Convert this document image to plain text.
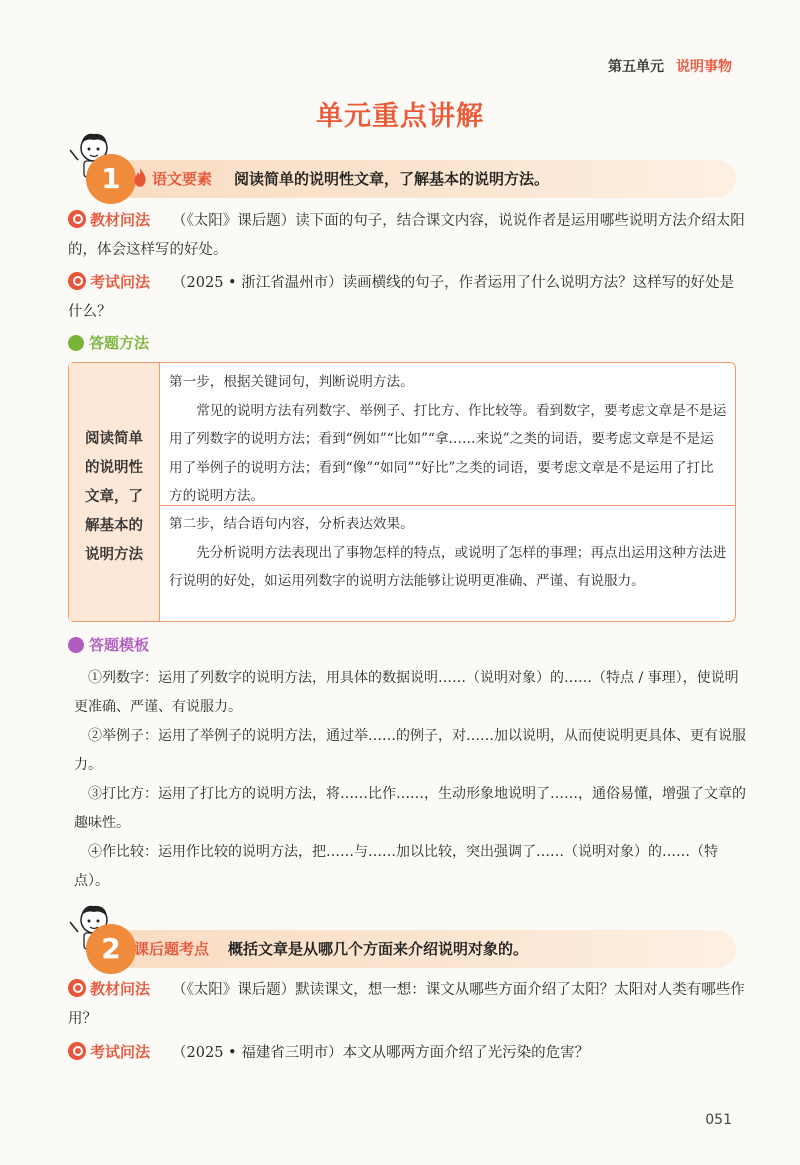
第五单元 说明事物
单元重点讲解
1	语文要素 阅读简单的说明性文章，了解基本的说明方法。
教材问法 （《太阳》课后题）读下面的句子，结合课文内容，说说作者是运用哪些说明方法介绍太阳的，体会这样写的好处。
考试问法 （2025 • 浙江省温州市）读画横线的句子，作者运用了什么说明方法？这样写的好处是什么？
答题方法
阅读简单
的说明性
文章，了
解基本的
说明方法
第一步，根据关键词句，判断说明方法。

常见的说明方法有列数字、举例子、打比方、作比较等。看到数字，要考虑文章是不是运用了列数字的说明方法；看到“例如”“比如”“拿……来说”之类的词语，要考虑文章是不是运用了举例子的说明方法；看到“像”“如同”“好比”之类的词语，要考虑文章是不是运用了打比方的说明方法。

第二步，结合语句内容，分析表达效果。

先分析说明方法表现出了事物怎样的特点，或说明了怎样的事理；再点出运用这种方法进行说明的好处，如运用列数字的说明方法能够让说明更准确、严谨、有说服力。

答题模板

①列数字：运用了列数字的说明方法，用具体的数据说明……（说明对象）的……（特点 / 事理），使说明更准确、严谨、有说服力。

②举例子：运用了举例子的说明方法，通过举……的例子，对……加以说明，从而使说明更具体、更有说服力。

③打比方：运用了打比方的说明方法，将……比作……，生动形象地说明了……，通俗易懂，增强了文章的趣味性。

④作比较：运用作比较的说明方法，把……与……加以比较，突出强调了……（说明对象）的……（特点）。

2 课后题考点 概括文章是从哪几个方面来介绍说明对象的。
教材问法 （《太阳》课后题）默读课文，想一想：课文从哪些方面介绍了太阳？太阳对人类有哪些作用？
考试问法 （2025 • 福建省三明市）本文从哪两方面介绍了光污染的危害？
051
